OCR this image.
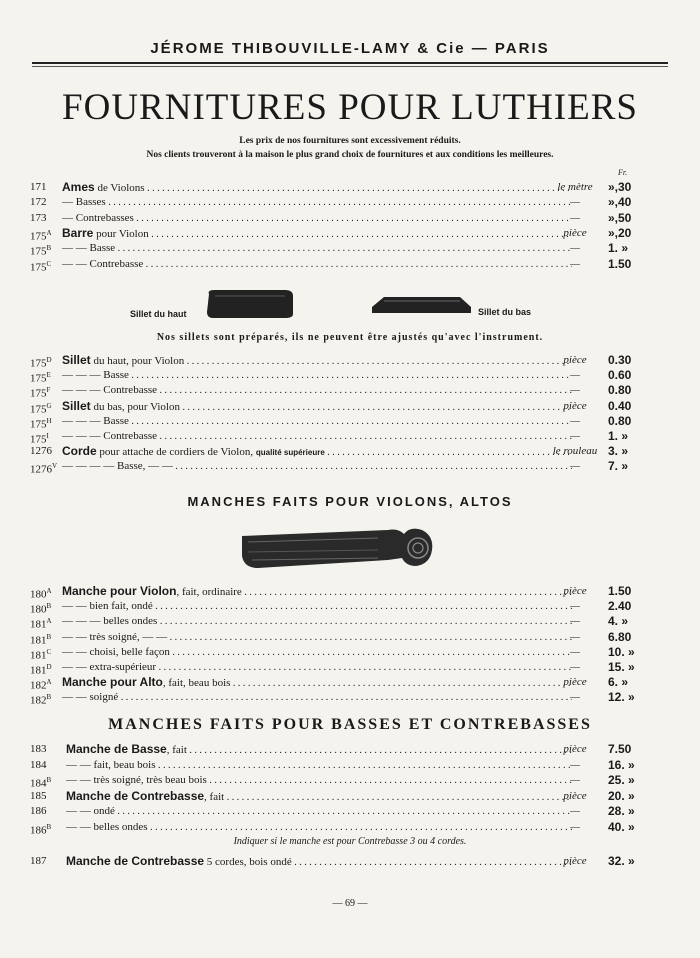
JÉROME THIBOUVILLE-LAMY & Cie — PARIS
FOURNITURES POUR LUTHIERS
Les prix de nos fournitures sont excessivement réduits.
Nos clients trouveront à la maison le plus grand choix de fournitures et aux conditions les meilleures.
Fr.
171 Ames de Violons . . .	le mètre	»,30
172 — Basses . . .	—	»,40
173 — Contrebasses . . .	—	»,50
$175^A$ Barre pour Violon . . .	pièce	»,20
$175^B$ — — Basse . . .	—	1. »
$175^C$ — — Contrebasse . . .	—	1.50
Sillet du haut	Sillet du bas
Nos sillets sont préparés, ils ne peuvent être ajustés qu'avec l'instrument.
$175^D$ Sillet du haut, pour Violon . . .	pièce	0.30
$175^E$ — — — Basse . . .	—	0.60
$175^F$ — — — Contrebasse . . .	—	0.80
$175^G$ Sillet du bas, pour Violon . . .	pièce	0.40
$175^H$ — — — Basse . . .	—	0.80
$175^I$ — — — Contrebasse . . .	—	1. »
1276 Corde pour attache de cordiers de Violon, qualité supérieure . . .	le rouleau 3. »
$1276^V$ — — — — Basse, — — . . .	—	7. »
MANCHES FAITS POUR VIOLONS, ALTOS
$180^A$ Manche pour Violon, fait, ordinaire . . .	pièce	1.50
$180^B$ — — bien fait, ondé . . .	—	2.40
$181^A$ — — — belles ondes . . .	—	4. »
$181^B$ — — très soigné, — — . . .	—	6.80
$181^C$ — — choisi, belle façon . . .	—	10. »
$181^D$ — — extra-supérieur . . .	—	15. »
$182^A$ Manche pour Alto, fait, beau bois . . .	pièce	6. »
$182^B$ — — soigné . . .	—	12. »
MANCHES FAITS POUR BASSES ET CONTREBASSES
183 Manche de Basse, fait . . .	pièce	7.50
184 — — fait, beau bois . . .	—	16. »
$184^B$ — — très soigné, très beau bois . . .	—	25. »
185 Manche de Contrebasse, fait . . .	pièce	20. »
186 — — ondé . . .	—	28. »
$186^B$ — — belles ondes . . .	—	40. »
Indiquer si le manche est pour Contrebasse 3 ou 4 cordes.
187 Manche de Contrebasse 5 cordes, bois ondé . . .	pièce	32. »
— 69 —
